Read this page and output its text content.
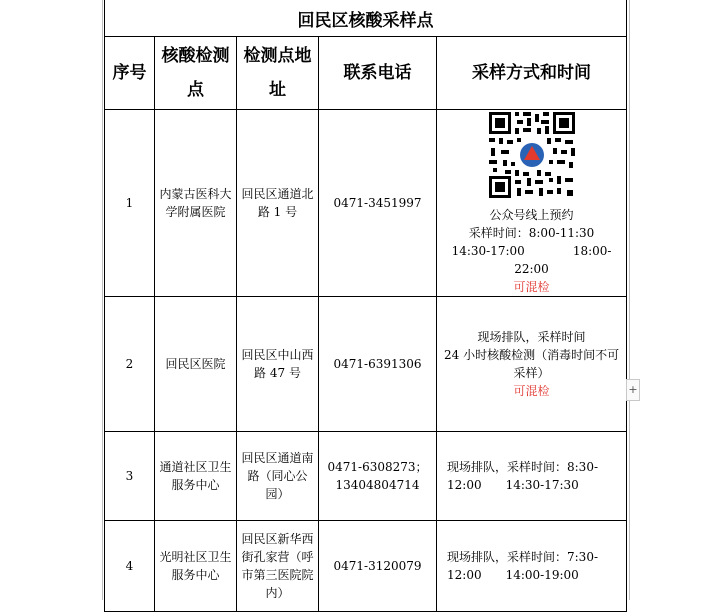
回民区核酸采样点				
序号	核酸检测点	检测点地址	联系电话	采样方式和时间
1	内蒙古医科大学附属医院	回民区通道北路 1 号	0471-3451997	公众号线上预约
采样时间：8:00-11:30
14:30-17:00　　　　18:00-22:00
可混检

2	回民区医院	回民区中山西路 47 号	0471-6391306	现场排队，采样时间
24 小时核酸检测（消毒时间不可采样）
可混检

3	通道社区卫生服务中心	回民区通道南路（同心公园）	0471-6308273；13404804714	现场排队，采样时间：8:30-12:00　　14:30-17:30

4	光明社区卫生服务中心	回民区新华西街孔家营（呼市第三医院院内）	0471-3120079	现场排队，采样时间：7:30-12:00　　14:00-19:00
+
